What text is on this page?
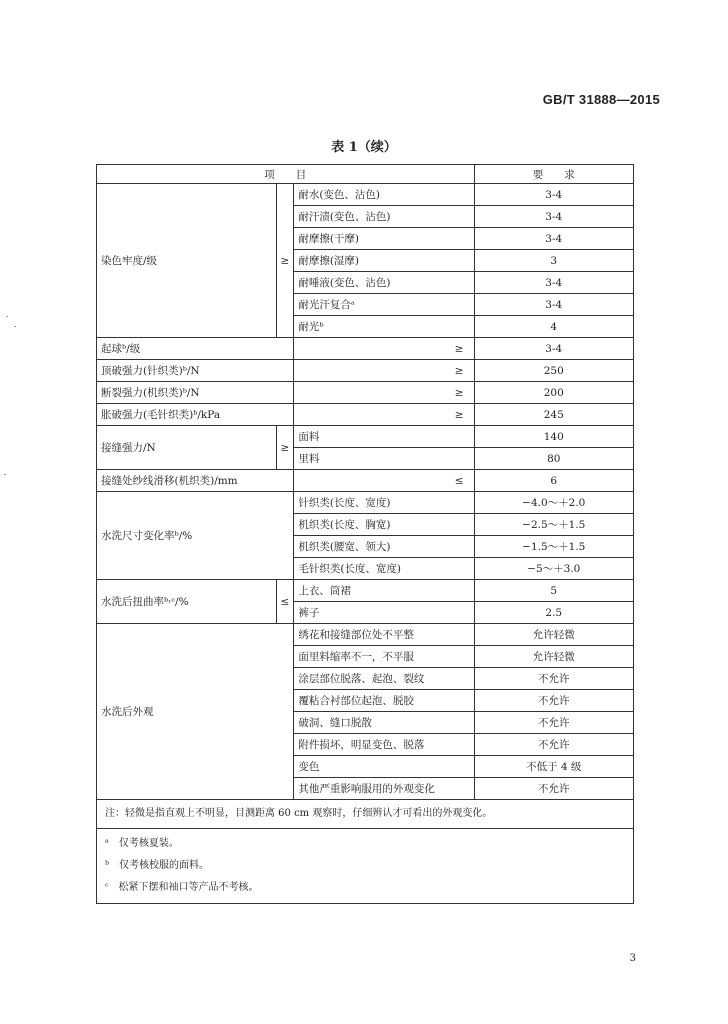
GB/T 31888—2015
表 1（续）
项　　目			要　　求
染色牢度/级	≥	耐水(变色、沾色)	3-4
		耐汗渍(变色、沾色)	3-4
		耐摩擦(干摩)	3-4
		耐摩擦(湿摩)	3
		耐唾液(变色、沾色)	3-4
		耐光汗复合ᵃ	3-4
		耐光ᵇ	4
起球ᵇ/级		≥	3-4
顶破强力(针织类)ᵇ/N		≥	250
断裂强力(机织类)ᵇ/N		≥	200
胀破强力(毛针织类)ᵇ/kPa		≥	245
接缝强力/N	≥	面料	140
		里料	80
接缝处纱线滑移(机织类)/mm		≤	6
水洗尺寸变化率ᵇ/%		针织类(长度、宽度)	−4.0～＋2.0
		机织类(长度、胸宽)	−2.5～＋1.5
		机织类(腰宽、领大)	−1.5～＋1.5
		毛针织类(长度、宽度)	−5～＋3.0
水洗后扭曲率ᵇ˒ᶜ/%	≤	上衣、筒裙	5
		裤子	2.5
水洗后外观		绣花和接缝部位处不平整	允许轻微
		面里料缩率不一，不平服	允许轻微
		涂层部位脱落、起泡、裂纹	不允许
		覆粘合衬部位起泡、脱胶	不允许
		破洞、缝口脱散	不允许
		附件损坏，明显变色、脱落	不允许
		变色	不低于 4 级
		其他严重影响服用的外观变化	不允许

注：轻微是指直观上不明显，目测距离 60 cm 观察时，仔细辨认才可看出的外观变化。			

ᵃ　仅考核夏装。
ᵇ　仅考核校服的面料。
ᶜ　松紧下摆和袖口等产品不考核。			
3
